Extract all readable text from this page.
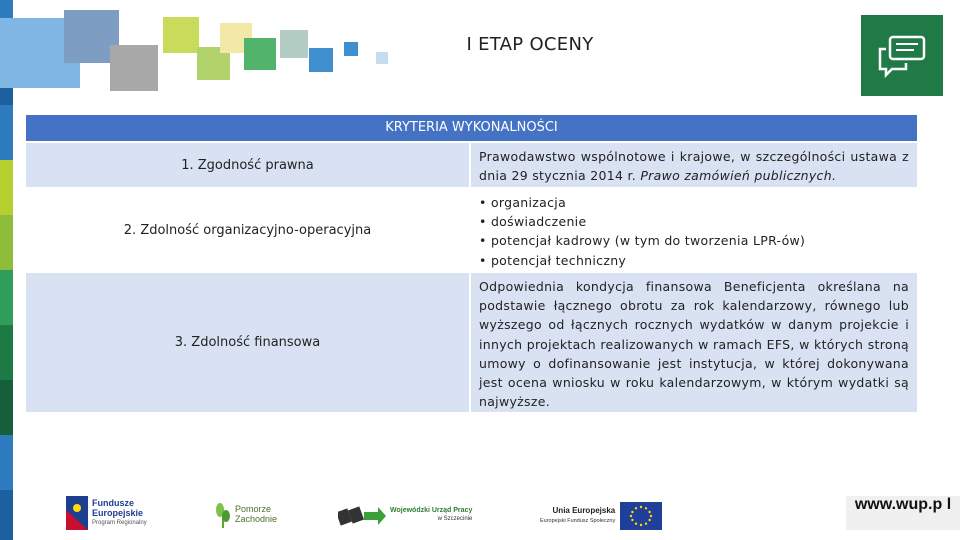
I ETAP OCENY
KRYTERIA WYKONALNOŚCI
1. Zgodność prawna
Prawodawstwo wspólnotowe i krajowe, w szczególności ustawa z dnia 29 stycznia 2014 r. Prawo zamówień publicznych.
2. Zdolność organizacyjno-operacyjna
• organizacja
• doświadczenie
• potencjał kadrowy (w tym do tworzenia LPR-ów)
• potencjał techniczny
3. Zdolność finansowa
Odpowiednia kondycja finansowa Beneficjenta określana na podstawie łącznego obrotu za rok kalendarzowy, równego lub wyższego od łącznych rocznych wydatków w danym projekcie i innych projektach realizowanych w ramach EFS, w których stroną umowy o dofinansowanie jest instytucja, w której dokonywana jest ocena wniosku w roku kalendarzowym, w którym wydatki są najwyższe.
Fundusze
Europejskie
Program Regionalny
Pomorze
Zachodnie
Wojewódzki Urząd Pracy
w Szczecinie
Unia Europejska
Europejski Fundusz Społeczny
www.wup.p l
